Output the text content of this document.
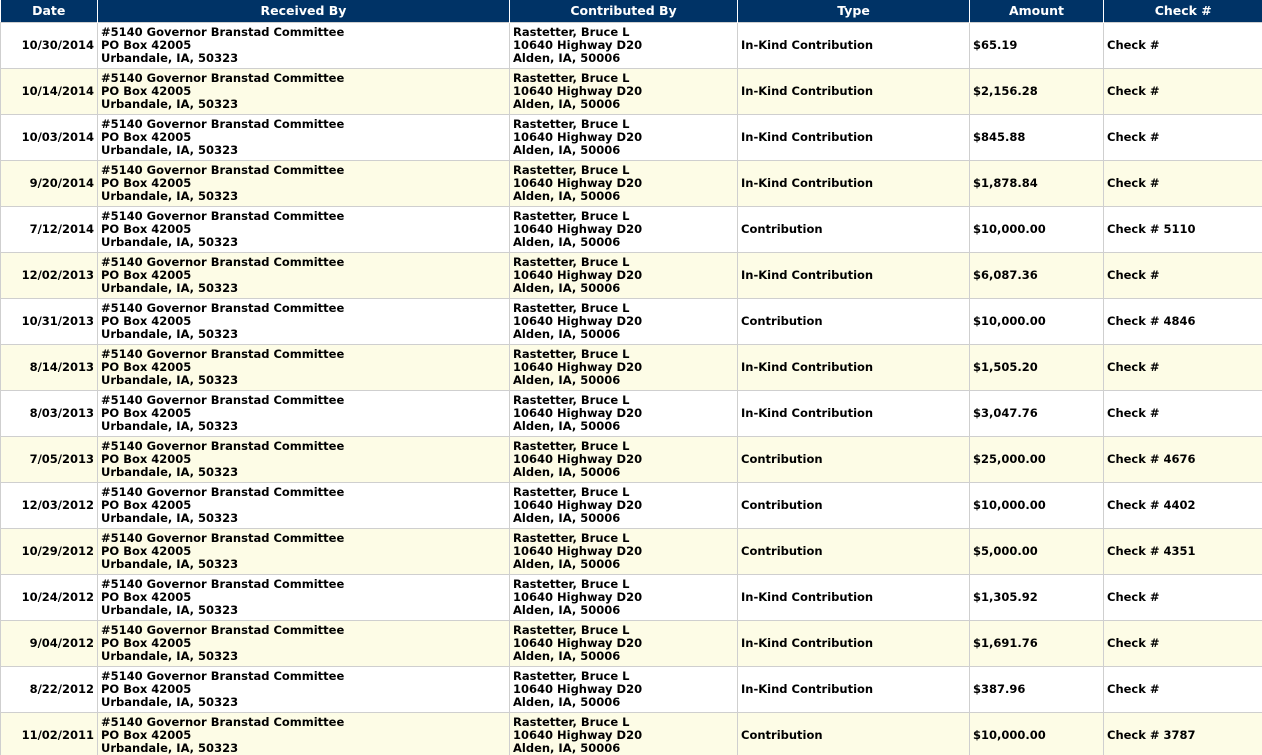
Date	Received By	Contributed By	Type	Amount	Check #
10/30/2014	#5140 Governor Branstad Committee
PO Box 42005
Urbandale, IA, 50323	Rastetter, Bruce L
10640 Highway D20
Alden, IA, 50006	In-Kind Contribution	$65.19	Check #
10/14/2014	#5140 Governor Branstad Committee
PO Box 42005
Urbandale, IA, 50323	Rastetter, Bruce L
10640 Highway D20
Alden, IA, 50006	In-Kind Contribution	$2,156.28	Check #
10/03/2014	#5140 Governor Branstad Committee
PO Box 42005
Urbandale, IA, 50323	Rastetter, Bruce L
10640 Highway D20
Alden, IA, 50006	In-Kind Contribution	$845.88	Check #
9/20/2014	#5140 Governor Branstad Committee
PO Box 42005
Urbandale, IA, 50323	Rastetter, Bruce L
10640 Highway D20
Alden, IA, 50006	In-Kind Contribution	$1,878.84	Check #
7/12/2014	#5140 Governor Branstad Committee
PO Box 42005
Urbandale, IA, 50323	Rastetter, Bruce L
10640 Highway D20
Alden, IA, 50006	Contribution	$10,000.00	Check # 5110
12/02/2013	#5140 Governor Branstad Committee
PO Box 42005
Urbandale, IA, 50323	Rastetter, Bruce L
10640 Highway D20
Alden, IA, 50006	In-Kind Contribution	$6,087.36	Check #
10/31/2013	#5140 Governor Branstad Committee
PO Box 42005
Urbandale, IA, 50323	Rastetter, Bruce L
10640 Highway D20
Alden, IA, 50006	Contribution	$10,000.00	Check # 4846
8/14/2013	#5140 Governor Branstad Committee
PO Box 42005
Urbandale, IA, 50323	Rastetter, Bruce L
10640 Highway D20
Alden, IA, 50006	In-Kind Contribution	$1,505.20	Check #
8/03/2013	#5140 Governor Branstad Committee
PO Box 42005
Urbandale, IA, 50323	Rastetter, Bruce L
10640 Highway D20
Alden, IA, 50006	In-Kind Contribution	$3,047.76	Check #
7/05/2013	#5140 Governor Branstad Committee
PO Box 42005
Urbandale, IA, 50323	Rastetter, Bruce L
10640 Highway D20
Alden, IA, 50006	Contribution	$25,000.00	Check # 4676
12/03/2012	#5140 Governor Branstad Committee
PO Box 42005
Urbandale, IA, 50323	Rastetter, Bruce L
10640 Highway D20
Alden, IA, 50006	Contribution	$10,000.00	Check # 4402
10/29/2012	#5140 Governor Branstad Committee
PO Box 42005
Urbandale, IA, 50323	Rastetter, Bruce L
10640 Highway D20
Alden, IA, 50006	Contribution	$5,000.00	Check # 4351
10/24/2012	#5140 Governor Branstad Committee
PO Box 42005
Urbandale, IA, 50323	Rastetter, Bruce L
10640 Highway D20
Alden, IA, 50006	In-Kind Contribution	$1,305.92	Check #
9/04/2012	#5140 Governor Branstad Committee
PO Box 42005
Urbandale, IA, 50323	Rastetter, Bruce L
10640 Highway D20
Alden, IA, 50006	In-Kind Contribution	$1,691.76	Check #
8/22/2012	#5140 Governor Branstad Committee
PO Box 42005
Urbandale, IA, 50323	Rastetter, Bruce L
10640 Highway D20
Alden, IA, 50006	In-Kind Contribution	$387.96	Check #
11/02/2011	#5140 Governor Branstad Committee
PO Box 42005
Urbandale, IA, 50323	Rastetter, Bruce L
10640 Highway D20
Alden, IA, 50006	Contribution	$10,000.00	Check # 3787
